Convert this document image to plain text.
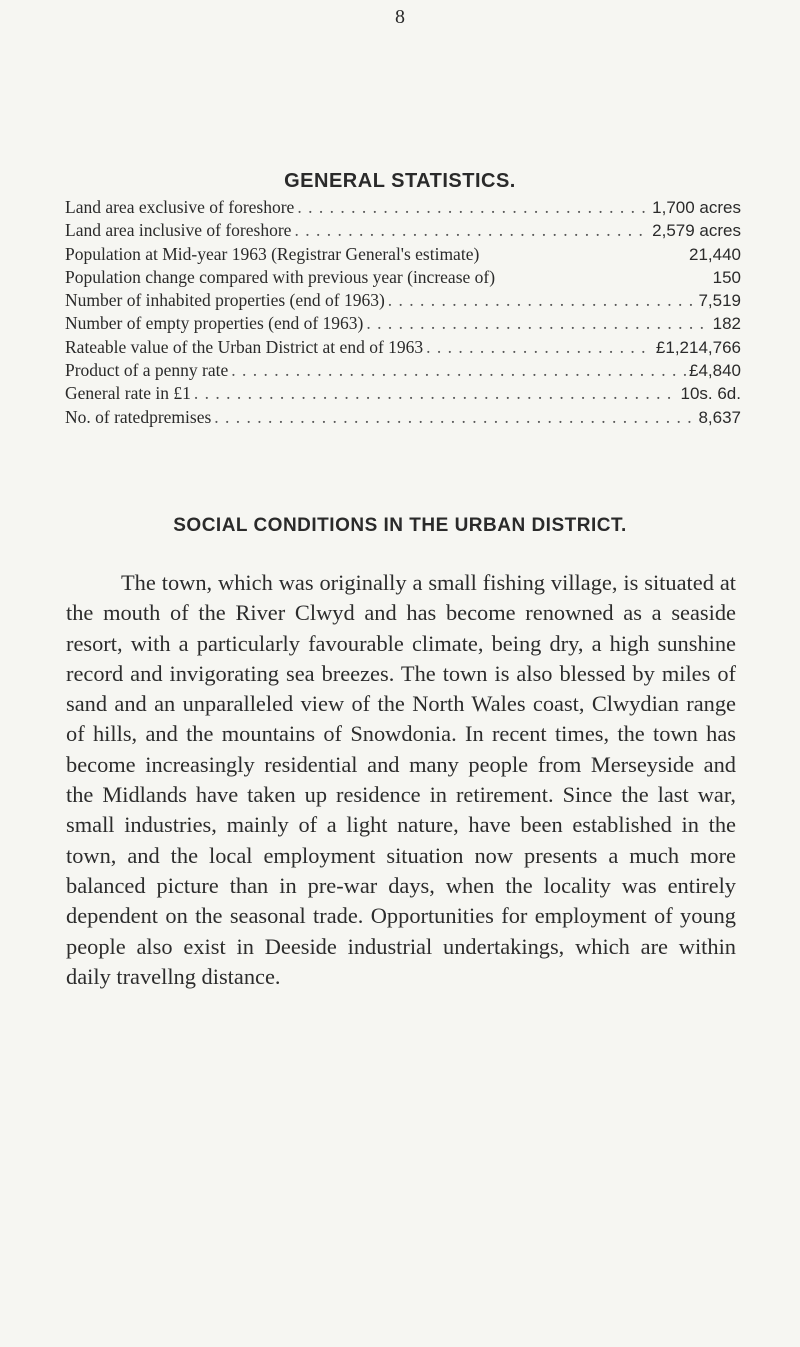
8
GENERAL STATISTICS.
Land area exclusive of foreshore . . .	1,700 acres
Land area inclusive of foreshore . . .	2,579 acres
Population at Mid-year 1963 (Registrar General's estimate)	21,440
Population change compared with previous year (increase of)	150
Number of inhabited properties (end of 1963) . . .	7,519
Number of empty properties (end of 1963) . . .	182
Rateable value of the Urban District at end of 1963 . . .	£1,214,766
Product of a penny rate . . .	£4,840
General rate in £1 . . .	10s. 6d.
No. of ratedpremises . . .	8,637
SOCIAL CONDITIONS IN THE URBAN DISTRICT.

The town, which was originally a small fishing village, is situated at the mouth of the River Clwyd and has become renowned as a seaside resort, with a particularly favourable climate, being dry, a high sunshine record and invigorating sea breezes. The town is also blessed by miles of sand and an unparalleled view of the North Wales coast, Clwydian range of hills, and the mountains of Snowdonia. In recent times, the town has become increasingly residential and many people from Merseyside and the Midlands have taken up residence in retirement. Since the last war, small industries, mainly of a light nature, have been established in the town, and the local employment situation now presents a much more balanced picture than in pre-war days, when the locality was entirely dependent on the seasonal trade. Opportunities for employment of young people also exist in Deeside industrial undertakings, which are within daily travellng distance.
